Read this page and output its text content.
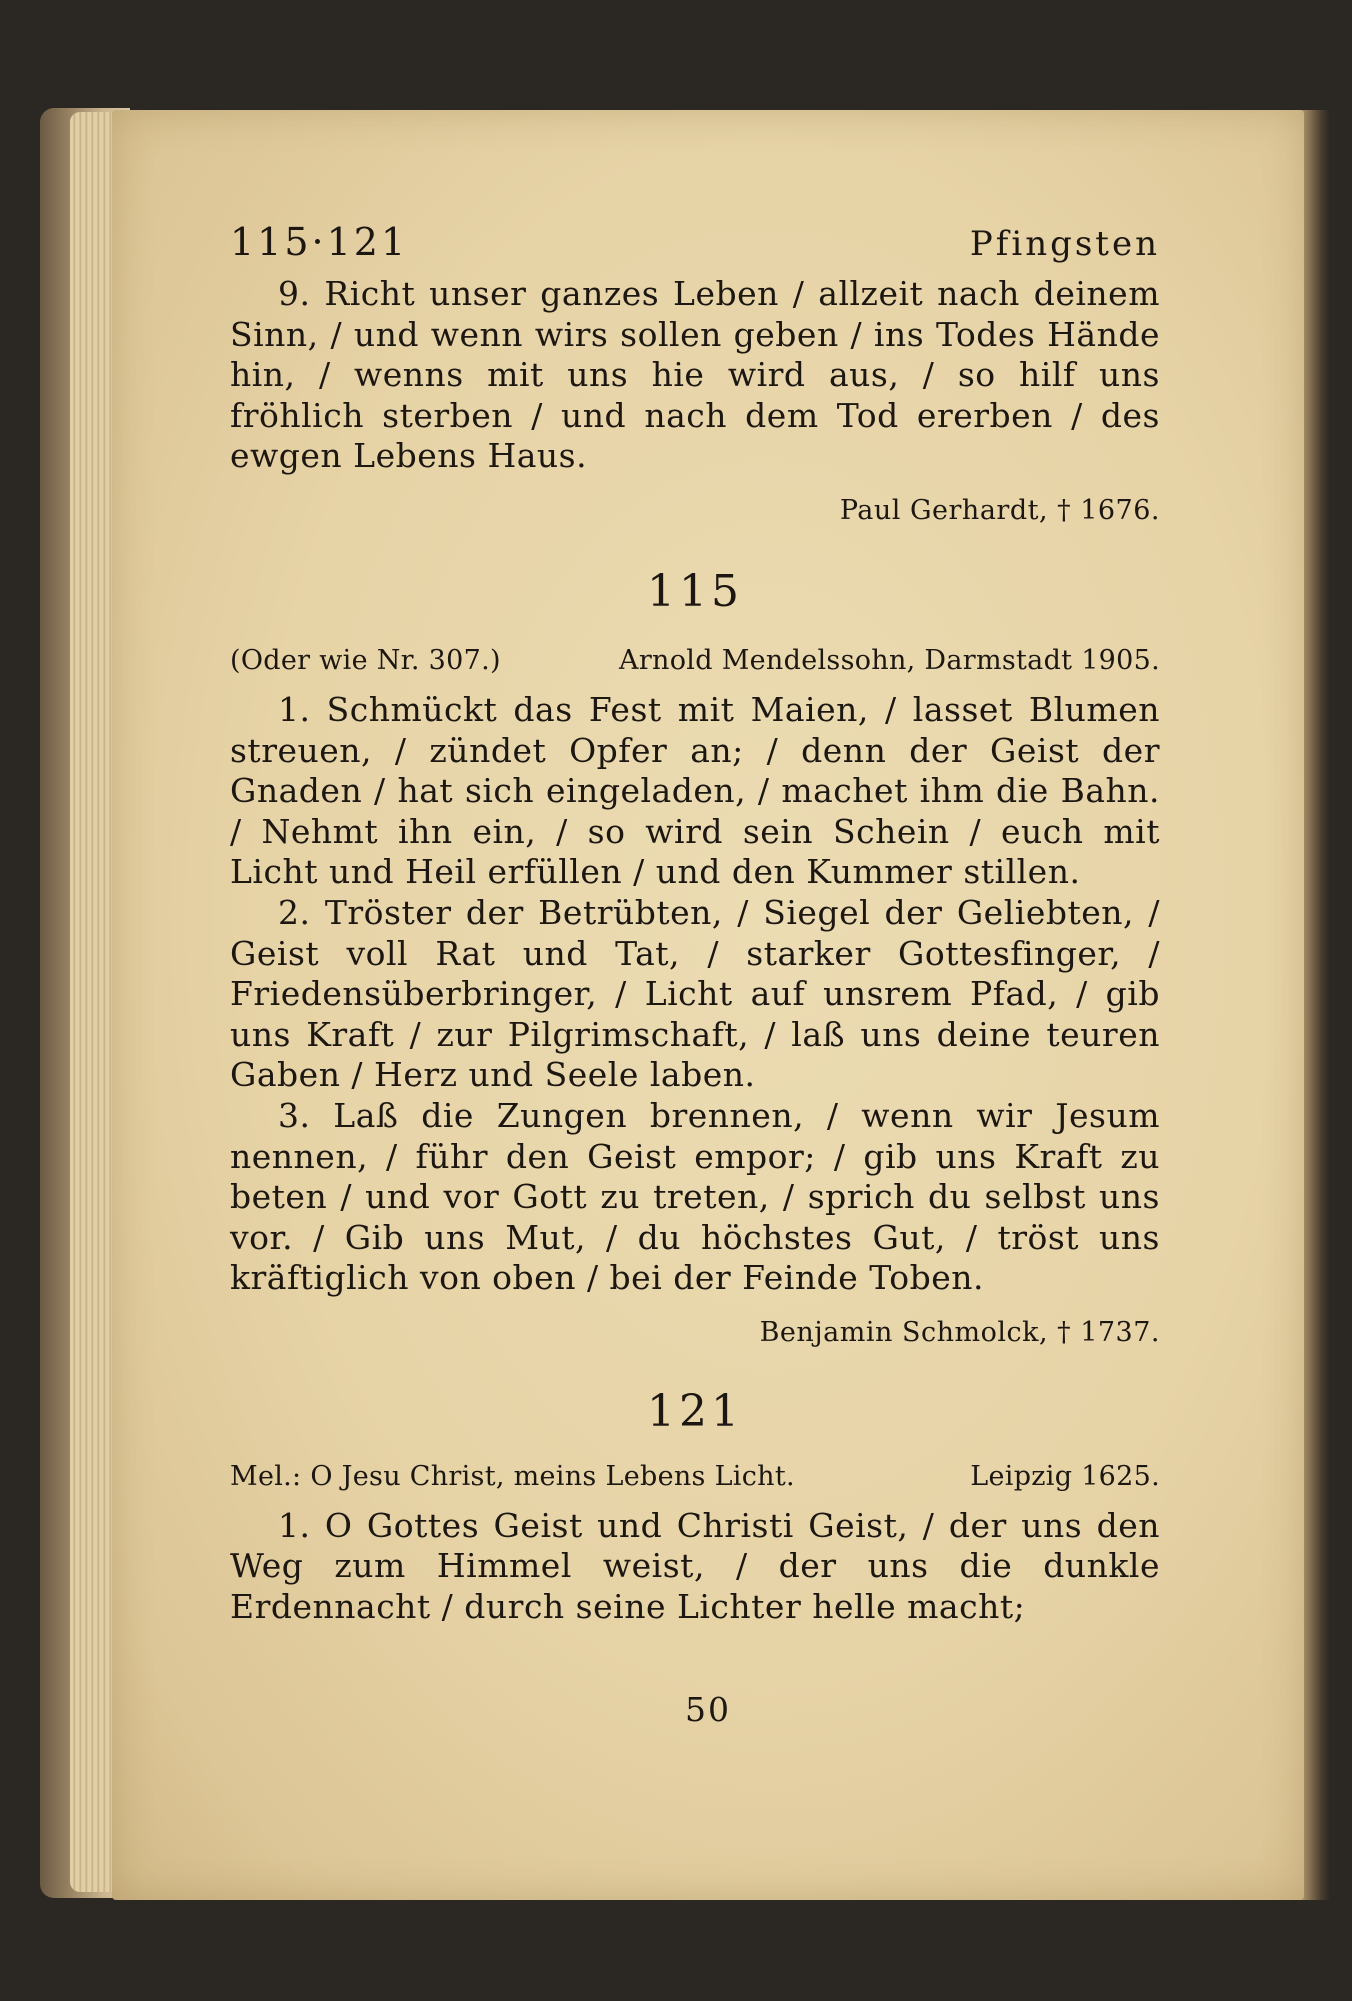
115·121	Pfingsten

9. Richt unser ganzes Leben / allzeit nach deinem Sinn, / und wenn wirs sollen geben / ins Todes Hände hin, / wenns mit uns hie wird aus, / so hilf uns fröhlich sterben / und nach dem Tod ererben / des ewgen Lebens Haus.

Paul Gerhardt, † 1676.
115
(Oder wie Nr. 307.)	Arnold Mendelssohn, Darmstadt 1905.

1. Schmückt das Fest mit Maien, / lasset Blumen streuen, / zündet Opfer an; / denn der Geist der Gnaden / hat sich eingeladen, / machet ihm die Bahn. / Nehmt ihn ein, / so wird sein Schein / euch mit Licht und Heil erfüllen / und den Kummer stillen.

2. Tröster der Betrübten, / Siegel der Geliebten, / Geist voll Rat und Tat, / starker Gottesfinger, / Friedensüberbringer, / Licht auf unsrem Pfad, / gib uns Kraft / zur Pilgrimschaft, / laß uns deine teuren Gaben / Herz und Seele laben.

3. Laß die Zungen brennen, / wenn wir Jesum nennen, / führ den Geist empor; / gib uns Kraft zu beten / und vor Gott zu treten, / sprich du selbst uns vor. / Gib uns Mut, / du höchstes Gut, / tröst uns kräftiglich von oben / bei der Feinde Toben.

Benjamin Schmolck, † 1737.
121
Mel.: O Jesu Christ, meins Lebens Licht.	Leipzig 1625.

1. O Gottes Geist und Christi Geist, / der uns den Weg zum Himmel weist, / der uns die dunkle Erdennacht / durch seine Lichter helle macht;

50
